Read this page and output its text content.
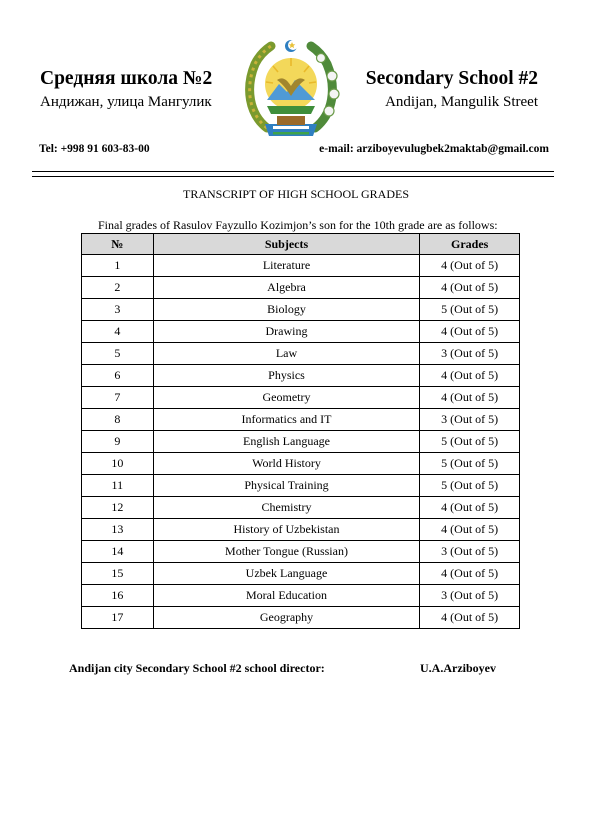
Средняя школа №2
Андижан, улица Мангулик
Secondary School #2
Andijan, Mangulik Street
Tel: +998 91 603-83-00	e-mail: arziboyevulugbek2maktab@gmail.com
TRANSCRIPT OF HIGH SCHOOL GRADES
Final grades of Rasulov Fayzullo Kozimjon’s son for the 10th grade are as follows:
№	Subjects	Grades
1	Literature	4 (Out of 5)
2	Algebra	4 (Out of 5)
3	Biology	5 (Out of 5)
4	Drawing	4 (Out of 5)
5	Law	3 (Out of 5)
6	Physics	4 (Out of 5)
7	Geometry	4 (Out of 5)
8	Informatics and IT	3 (Out of 5)
9	English Language	5 (Out of 5)
10	World History	5 (Out of 5)
11	Physical Training	5 (Out of 5)
12	Chemistry	4 (Out of 5)
13	History of Uzbekistan	4 (Out of 5)
14	Mother Tongue (Russian)	3 (Out of 5)
15	Uzbek Language	4 (Out of 5)
16	Moral Education	3 (Out of 5)
17	Geography	4 (Out of 5)
Andijan city Secondary School #2 school director:	U.A.Arziboyev
